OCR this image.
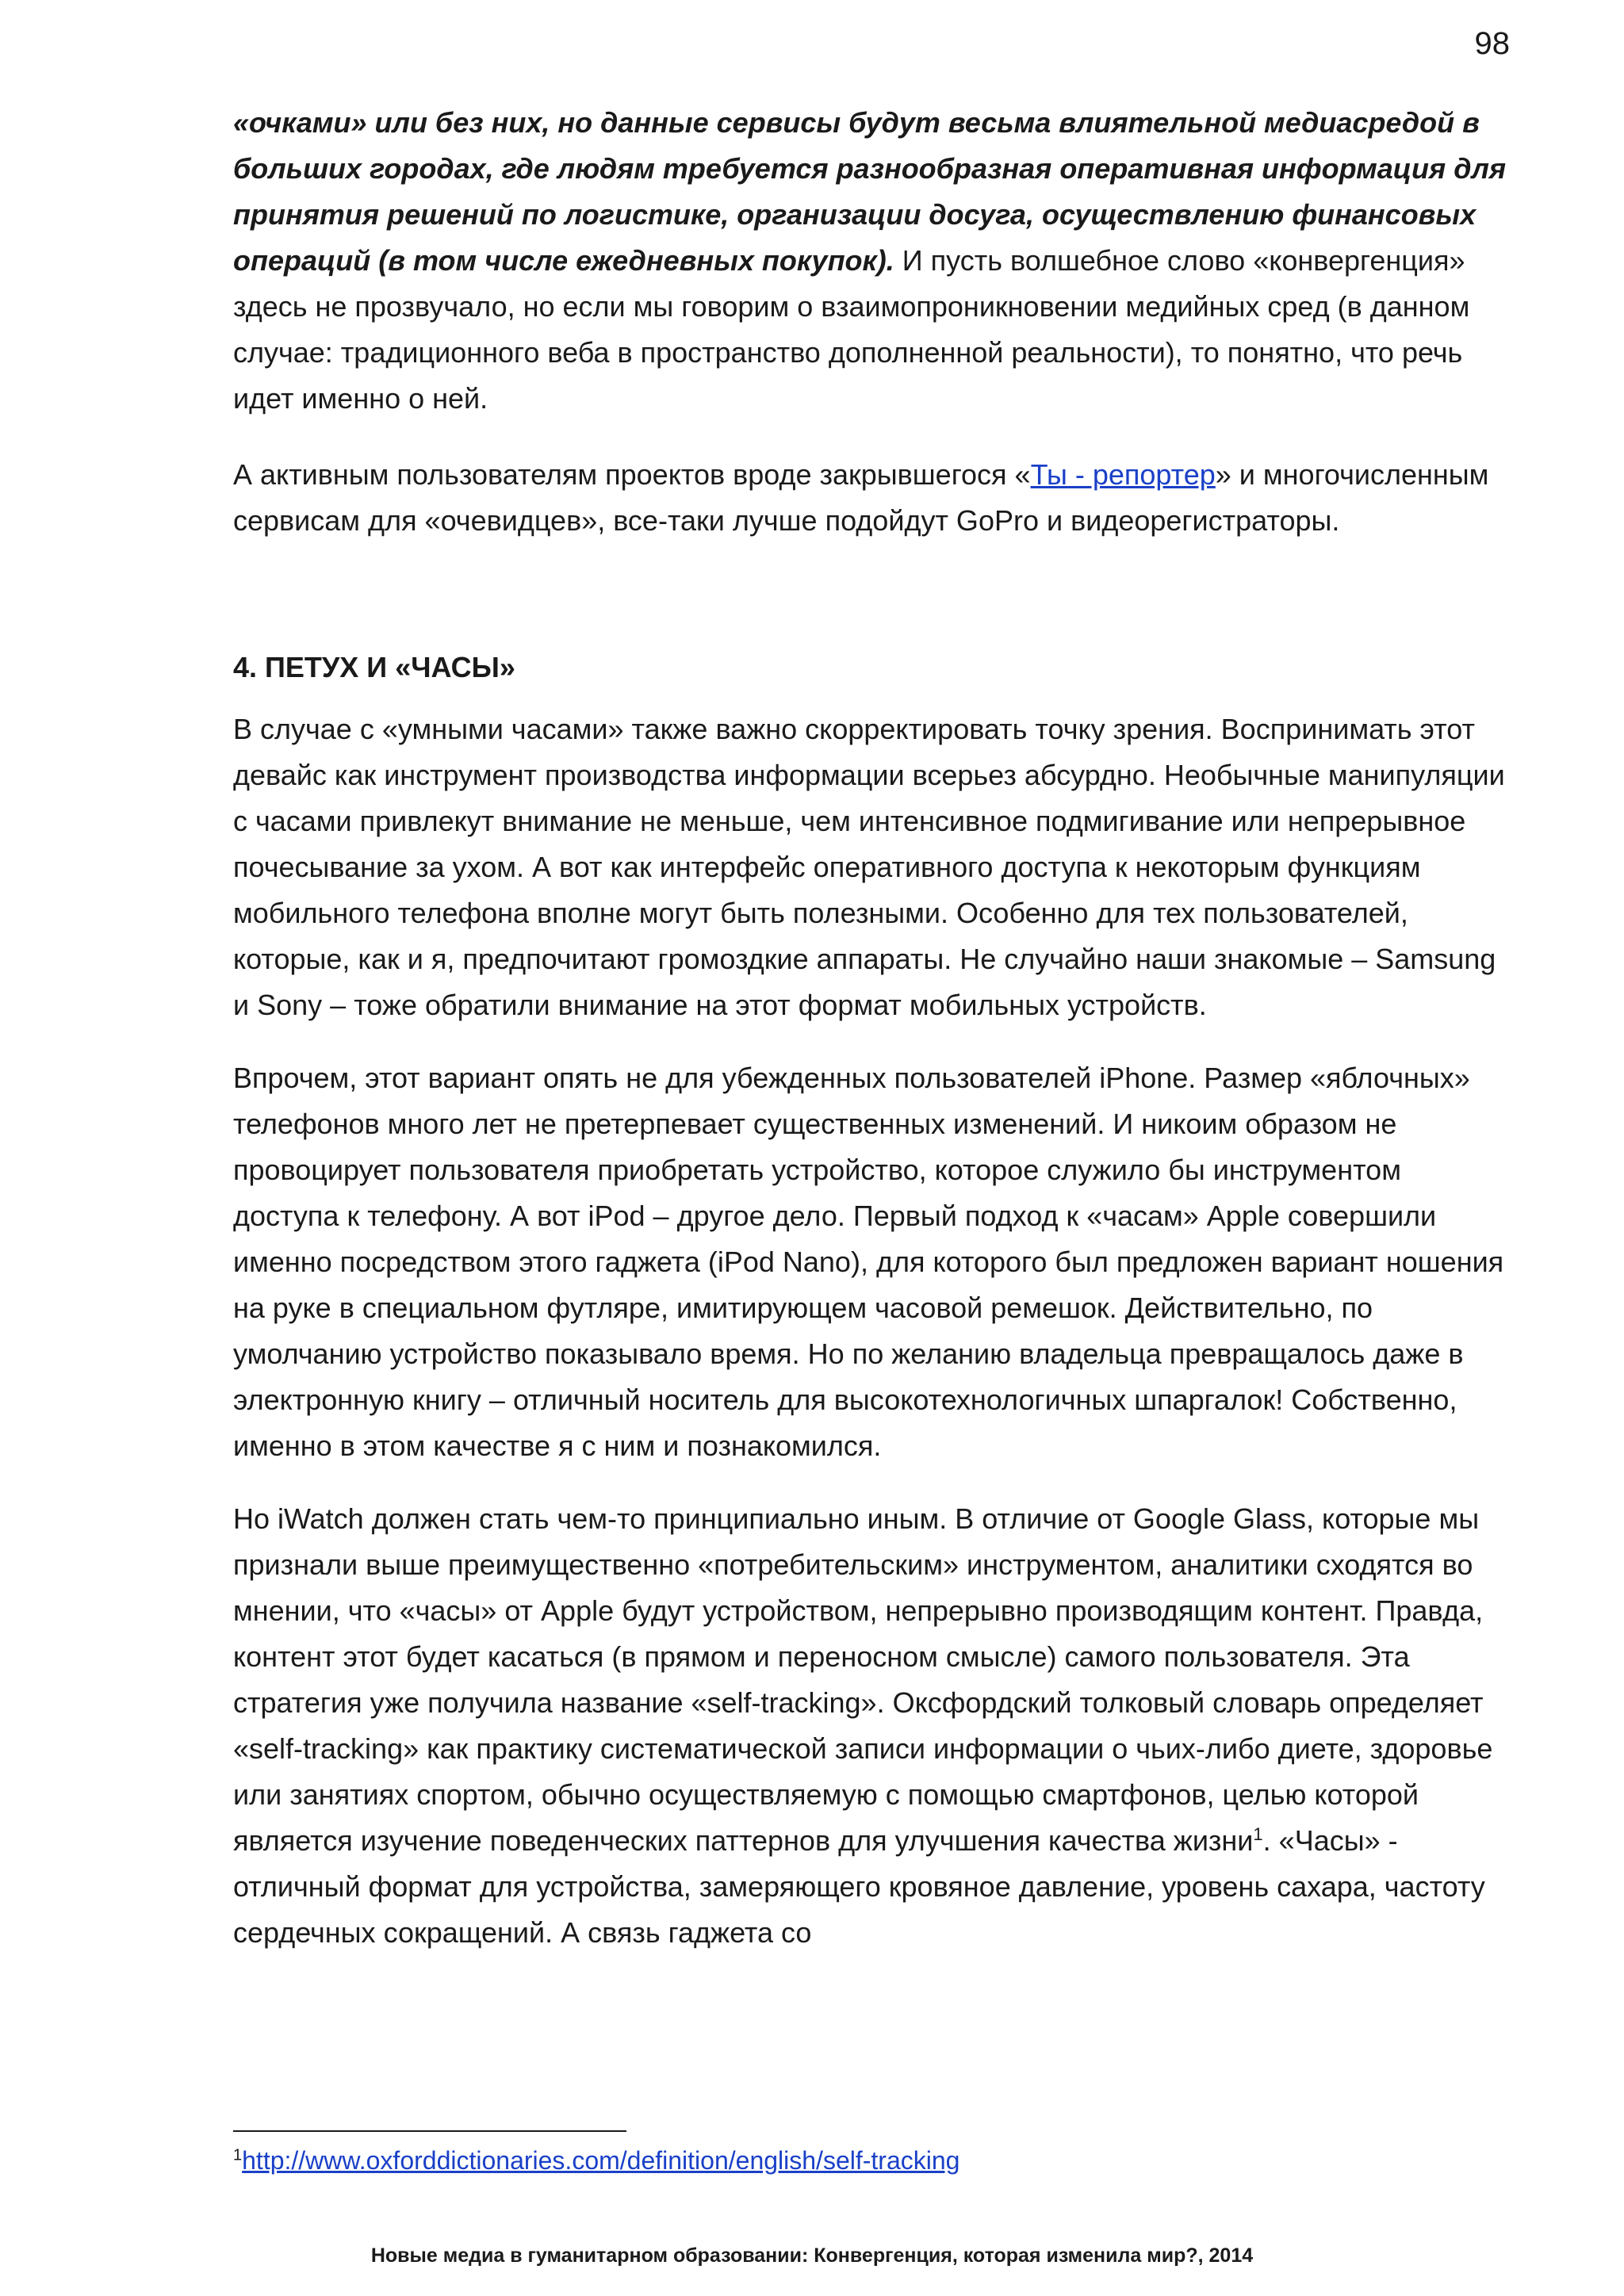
98

«очками» или без них, но данные сервисы будут весьма влиятельной медиасредой в больших городах, где людям требуется разнообразная оперативная информация для принятия решений по логистике, организации досуга, осуществлению финансовых операций (в том числе ежедневных покупок). И пусть волшебное слово «конвергенция» здесь не прозвучало, но если мы говорим о взаимопроникновении медийных сред (в данном случае: традиционного веба в пространство дополненной реальности), то понятно, что речь идет именно о ней.

А активным пользователям проектов вроде закрывшегося «Ты - репортер» и многочисленным сервисам для «очевидцев», все-таки лучше подойдут GoPro и видеорегистраторы.

4. ПЕТУХ И «ЧАСЫ»

В случае с «умными часами» также важно скорректировать точку зрения. Воспринимать этот девайс как инструмент производства информации всерьез абсурдно. Необычные манипуляции с часами привлекут внимание не меньше, чем интенсивное подмигивание или непрерывное почесывание за ухом. А вот как интерфейс оперативного доступа к некоторым функциям мобильного телефона вполне могут быть полезными. Особенно для тех пользователей, которые, как и я, предпочитают громоздкие аппараты. Не случайно наши знакомые – Samsung и Sony – тоже обратили внимание на этот формат мобильных устройств.

Впрочем, этот вариант опять не для убежденных пользователей iPhone. Размер «яблочных» телефонов много лет не претерпевает существенных изменений. И никоим образом не провоцирует пользователя приобретать устройство, которое служило бы инструментом доступа к телефону. А вот iPod – другое дело. Первый подход к «часам» Apple совершили именно посредством этого гаджета (iPod Nano), для которого был предложен вариант ношения на руке в специальном футляре, имитирующем часовой ремешок. Действительно, по умолчанию устройство показывало время. Но по желанию владельца превращалось даже в электронную книгу – отличный носитель для высокотехнологичных шпаргалок! Собственно, именно в этом качестве я с ним и познакомился.

Но iWatch должен стать чем-то принципиально иным. В отличие от Google Glass, которые мы признали выше преимущественно «потребительским» инструментом, аналитики сходятся во мнении, что «часы» от Apple будут устройством, непрерывно производящим контент. Правда, контент этот будет касаться (в прямом и переносном смысле) самого пользователя. Эта стратегия уже получила название «self-tracking». Оксфордский толковый словарь определяет «self-tracking» как практику систематической записи информации о чьих-либо диете, здоровье или занятиях спортом, обычно осуществляемую с помощью смартфонов, целью которой является изучение поведенческих паттернов для улучшения качества жизни$^1$. «Часы» - отличный формат для устройства, замеряющего кровяное давление, уровень сахара, частоту сердечных сокращений. А связь гаджета со

$^1$http://www.oxforddictionaries.com/definition/english/self-tracking
Новые медиа в гуманитарном образовании: Конвергенция, которая изменила мир?, 2014
